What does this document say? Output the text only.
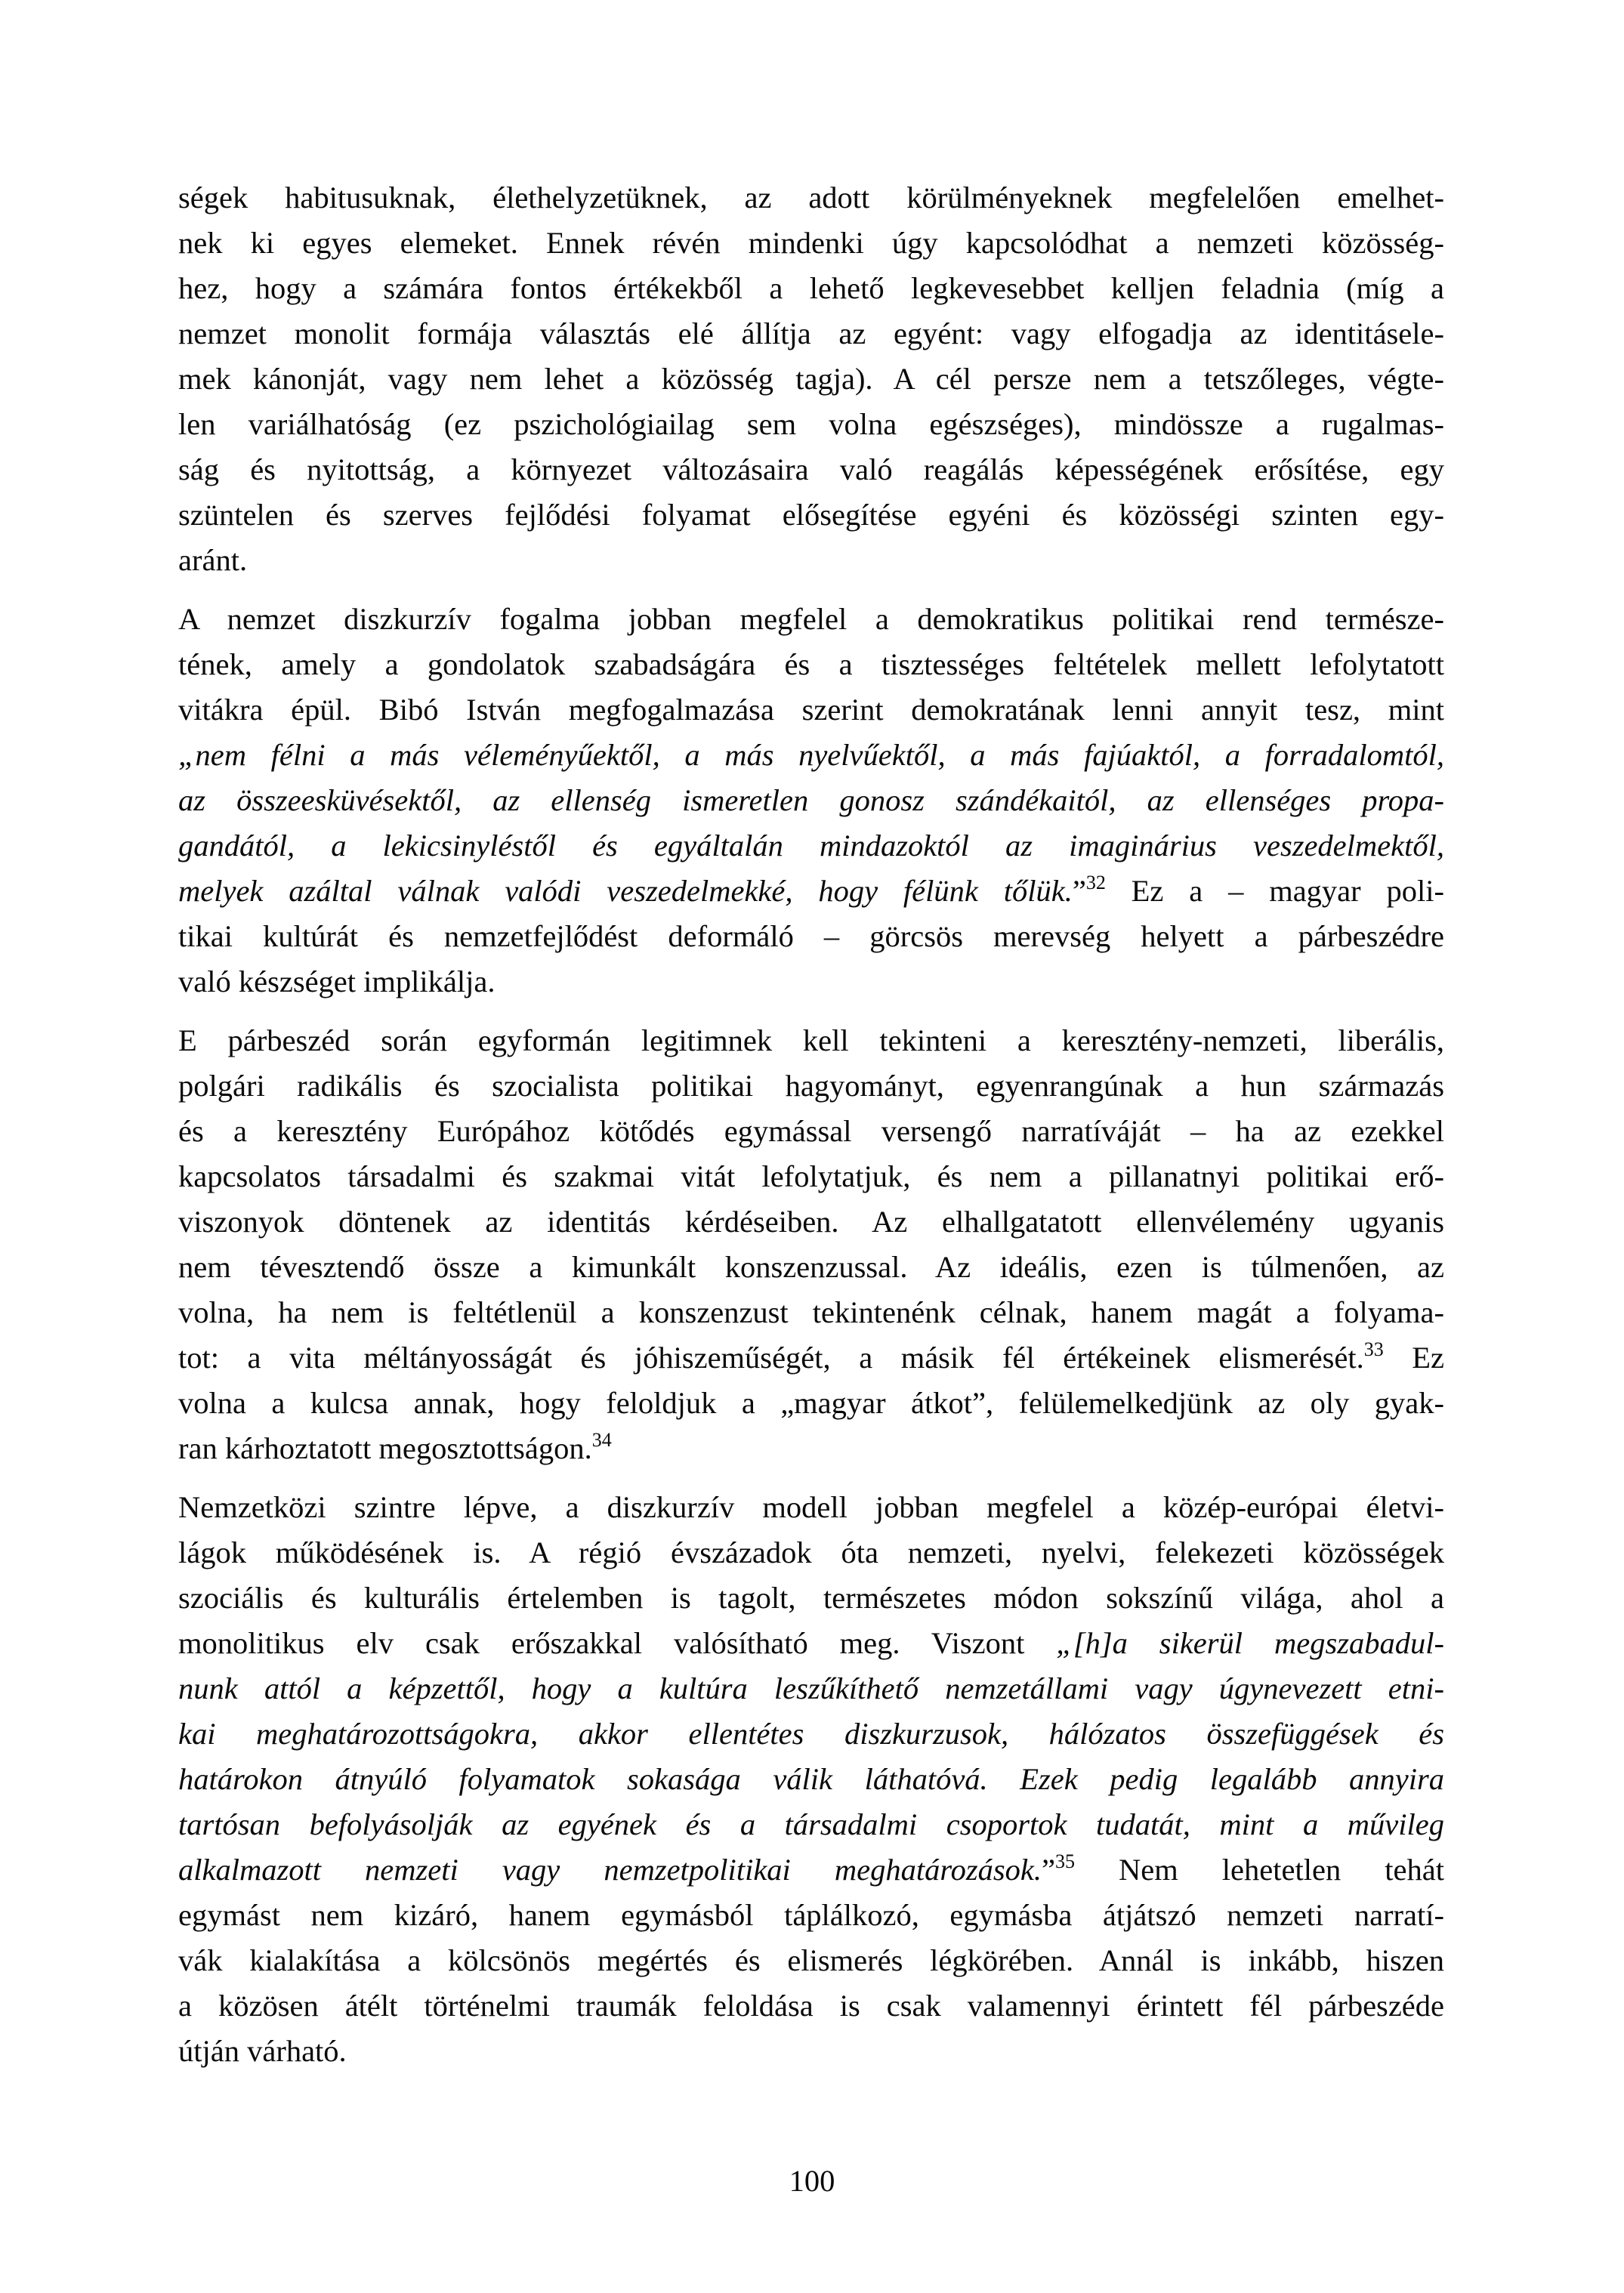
ségek habitusuknak, élethelyzetüknek, az adott körülményeknek megfelelően emelhet-
nek ki egyes elemeket. Ennek révén mindenki úgy kapcsolódhat a nemzeti közösség-
hez, hogy a számára fontos értékekből a lehető legkevesebbet kelljen feladnia (míg a
nemzet monolit formája választás elé állítja az egyént: vagy elfogadja az identitásele-
mek kánonját, vagy nem lehet a közösség tagja). A cél persze nem a tetszőleges, végte-
len variálhatóság (ez pszichológiailag sem volna egészséges), mindössze a rugalmas-
ság és nyitottság, a környezet változásaira való reagálás képességének erősítése, egy
szüntelen és szerves fejlődési folyamat elősegítése egyéni és közösségi szinten egy-
aránt.
A nemzet diszkurzív fogalma jobban megfelel a demokratikus politikai rend természe-
tének, amely a gondolatok szabadságára és a tisztességes feltételek mellett lefolytatott
vitákra épül. Bibó István megfogalmazása szerint demokratának lenni annyit tesz, mint
„nem félni a más véleményűektől, a más nyelvűektől, a más fajúaktól, a forradalomtól,
az összeesküvésektől, az ellenség ismeretlen gonosz szándékaitól, az ellenséges propa-
gandától, a lekicsinyléstől és egyáltalán mindazoktól az imaginárius veszedelmektől,
melyek azáltal válnak valódi veszedelmekké, hogy félünk tőlük.”$^{32}$ Ez a – magyar poli-
tikai kultúrát és nemzetfejlődést deformáló – görcsös merevség helyett a párbeszédre
való készséget implikálja.
E párbeszéd során egyformán legitimnek kell tekinteni a keresztény-nemzeti, liberális,
polgári radikális és szocialista politikai hagyományt, egyenrangúnak a hun származás
és a keresztény Európához kötődés egymással versengő narratíváját – ha az ezekkel
kapcsolatos társadalmi és szakmai vitát lefolytatjuk, és nem a pillanatnyi politikai erő-
viszonyok döntenek az identitás kérdéseiben. Az elhallgatatott ellenvélemény ugyanis
nem tévesztendő össze a kimunkált konszenzussal. Az ideális, ezen is túlmenően, az
volna, ha nem is feltétlenül a konszenzust tekintenénk célnak, hanem magát a folyama-
tot: a vita méltányosságát és jóhiszeműségét, a másik fél értékeinek elismerését.$^{33}$ Ez
volna a kulcsa annak, hogy feloldjuk a „magyar átkot”, felülemelkedjünk az oly gyak-
ran kárhoztatott megosztottságon.$^{34}$
Nemzetközi szintre lépve, a diszkurzív modell jobban megfelel a közép-európai életvi-
lágok működésének is. A régió évszázadok óta nemzeti, nyelvi, felekezeti közösségek
szociális és kulturális értelemben is tagolt, természetes módon sokszínű világa, ahol a
monolitikus elv csak erőszakkal valósítható meg. Viszont „[h]a sikerül megszabadul-
nunk attól a képzettől, hogy a kultúra leszűkíthető nemzetállami vagy úgynevezett etni-
kai meghatározottságokra, akkor ellentétes diszkurzusok, hálózatos összefüggések és
határokon átnyúló folyamatok sokasága válik láthatóvá. Ezek pedig legalább annyira
tartósan befolyásolják az egyének és a társadalmi csoportok tudatát, mint a művileg
alkalmazott nemzeti vagy nemzetpolitikai meghatározások.”$^{35}$ Nem lehetetlen tehát
egymást nem kizáró, hanem egymásból táplálkozó, egymásba átjátszó nemzeti narratí-
vák kialakítása a kölcsönös megértés és elismerés légkörében. Annál is inkább, hiszen
a közösen átélt történelmi traumák feloldása is csak valamennyi érintett fél párbeszéde
útján várható.
100
